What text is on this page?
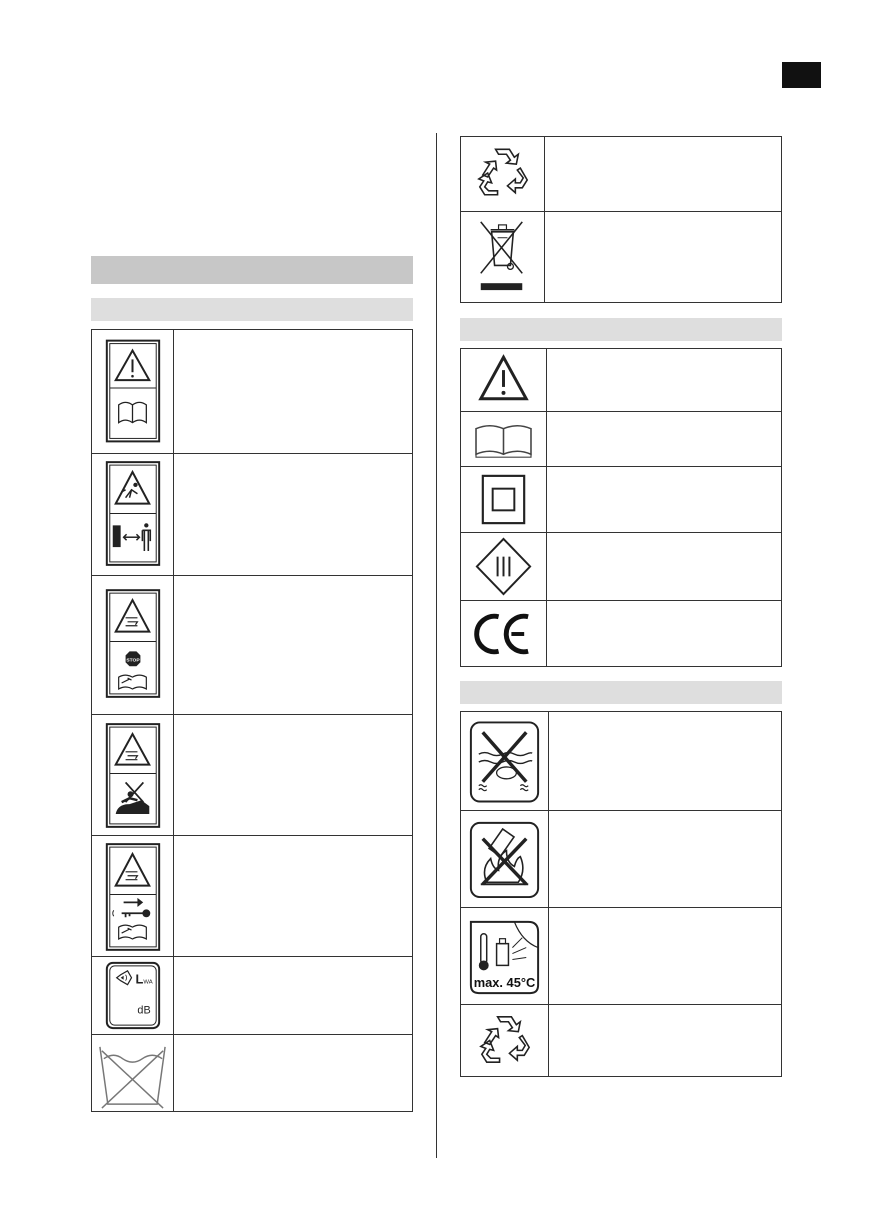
STOP
L WA
dB
max. 45°C
